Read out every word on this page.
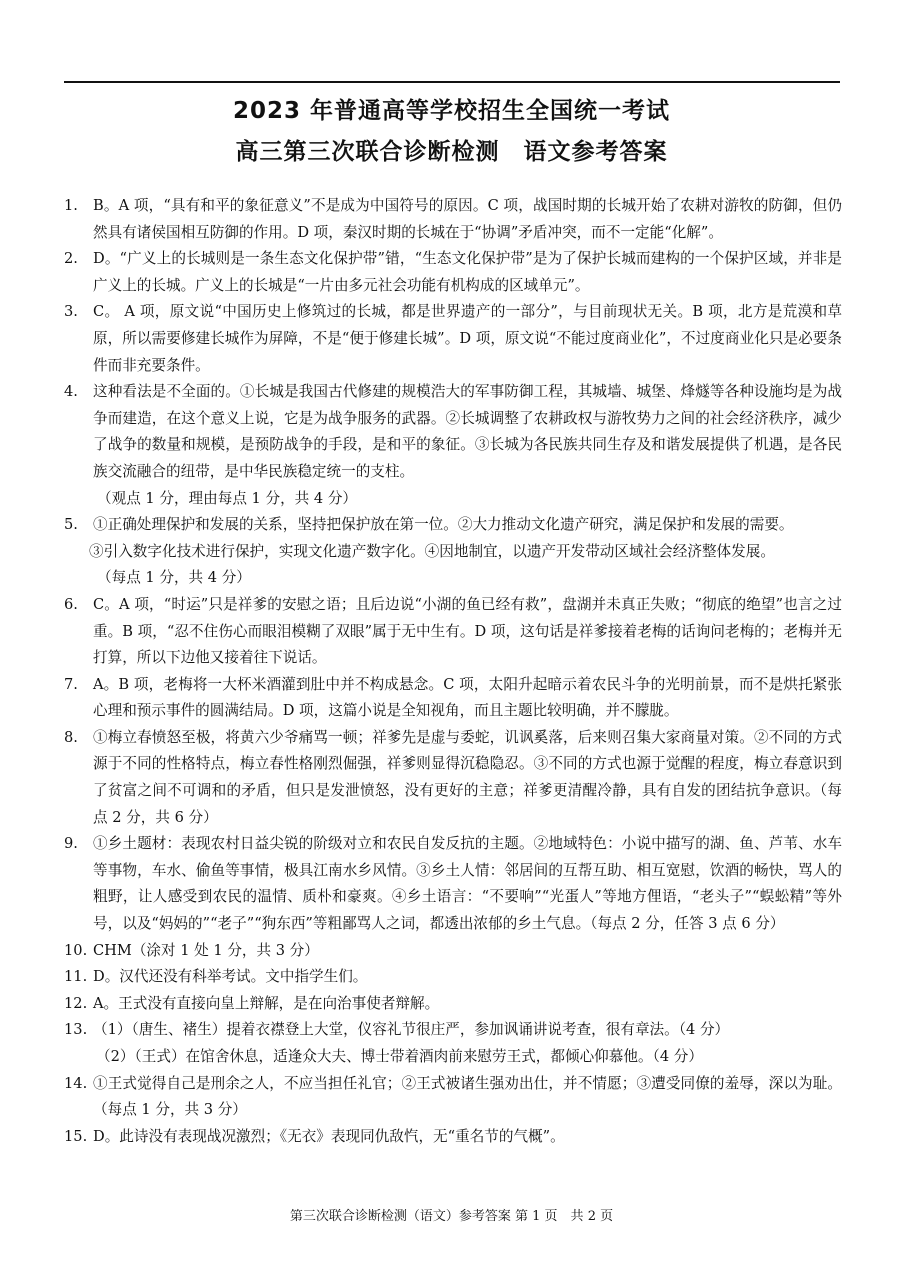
2023 年普通高等学校招生全国统一考试
高三第三次联合诊断检测　语文参考答案
1. B。A 项，“具有和平的象征意义”不是成为中国符号的原因。C 项，战国时期的长城开始了农耕对游牧的防御，但仍然具有诸侯国相互防御的作用。D 项，秦汉时期的长城在于“协调”矛盾冲突，而不一定能“化解”。

2. D。“广义上的长城则是一条生态文化保护带”错，“生态文化保护带”是为了保护长城而建构的一个保护区域，并非是广义上的长城。广义上的长城是“一片由多元社会功能有机构成的区域单元”。

3. C。 A 项，原文说“中国历史上修筑过的长城，都是世界遗产的一部分”，与目前现状无关。B 项，北方是荒漠和草原，所以需要修建长城作为屏障，不是“便于修建长城”。D 项，原文说“不能过度商业化”，不过度商业化只是必要条件而非充要条件。

4. 这种看法是不全面的。①长城是我国古代修建的规模浩大的军事防御工程，其城墙、城堡、烽燧等各种设施均是为战争而建造，在这个意义上说，它是为战争服务的武器。②长城调整了农耕政权与游牧势力之间的社会经济秩序，减少了战争的数量和规模，是预防战争的手段，是和平的象征。③长城为各民族共同生存及和谐发展提供了机遇，是各民族交流融合的纽带，是中华民族稳定统一的支柱。

（观点 1 分，理由每点 1 分，共 4 分）

5. ①正确处理保护和发展的关系，坚持把保护放在第一位。②大力推动文化遗产研究，满足保护和发展的需要。

③引入数字化技术进行保护，实现文化遗产数字化。④因地制宜，以遗产开发带动区域社会经济整体发展。

（每点 1 分，共 4 分）

6. C。A 项，“时运”只是祥爹的安慰之语；且后边说“小湖的鱼已经有救”，盘湖并未真正失败；“彻底的绝望”也言之过重。B 项，“忍不住伤心而眼泪模糊了双眼”属于无中生有。D 项，这句话是祥爹接着老梅的话询问老梅的；老梅并无打算，所以下边他又接着往下说话。

7. A。B 项，老梅将一大杯米酒灌到肚中并不构成悬念。C 项，太阳升起暗示着农民斗争的光明前景，而不是烘托紧张心理和预示事件的圆满结局。D 项，这篇小说是全知视角，而且主题比较明确，并不朦胧。

8. ①梅立春愤怒至极，将黄六少爷痛骂一顿；祥爹先是虚与委蛇，讥讽奚落，后来则召集大家商量对策。②不同的方式源于不同的性格特点，梅立春性格刚烈倔强，祥爹则显得沉稳隐忍。③不同的方式也源于觉醒的程度，梅立春意识到了贫富之间不可调和的矛盾，但只是发泄愤怒，没有更好的主意；祥爹更清醒冷静，具有自发的团结抗争意识。（每点 2 分，共 6 分）

9. ①乡土题材：表现农村日益尖锐的阶级对立和农民自发反抗的主题。②地域特色：小说中描写的湖、鱼、芦苇、水车等事物，车水、偷鱼等事情，极具江南水乡风情。③乡土人情：邻居间的互帮互助、相互宽慰，饮酒的畅快，骂人的粗野，让人感受到农民的温情、质朴和豪爽。④乡土语言：“不要响”“光蛋人”等地方俚语，“老头子”“蜈蚣精”等外号，以及“妈妈的”“老子”“狗东西”等粗鄙骂人之词，都透出浓郁的乡土气息。（每点 2 分，任答 3 点 6 分）

10. CHM（涂对 1 处 1 分，共 3 分）

11. D。汉代还没有科举考试。文中指学生们。

12. A。王式没有直接向皇上辩解，是在向治事使者辩解。

13. （1）（唐生、褚生）提着衣襟登上大堂，仪容礼节很庄严，参加讽诵讲说考查，很有章法。（4 分）

（2）（王式）在馆舍休息，适逢众大夫、博士带着酒肉前来慰劳王式，都倾心仰慕他。（4 分）

14. ①王式觉得自己是刑余之人，不应当担任礼官；②王式被诸生强劝出仕，并不情愿；③遭受同僚的羞辱，深以为耻。（每点 1 分，共 3 分）

15. D。此诗没有表现战况激烈；《无衣》表现同仇敌忾，无“重名节的气概”。

第三次联合诊断检测（语文）参考答案 第 1 页　共 2 页
